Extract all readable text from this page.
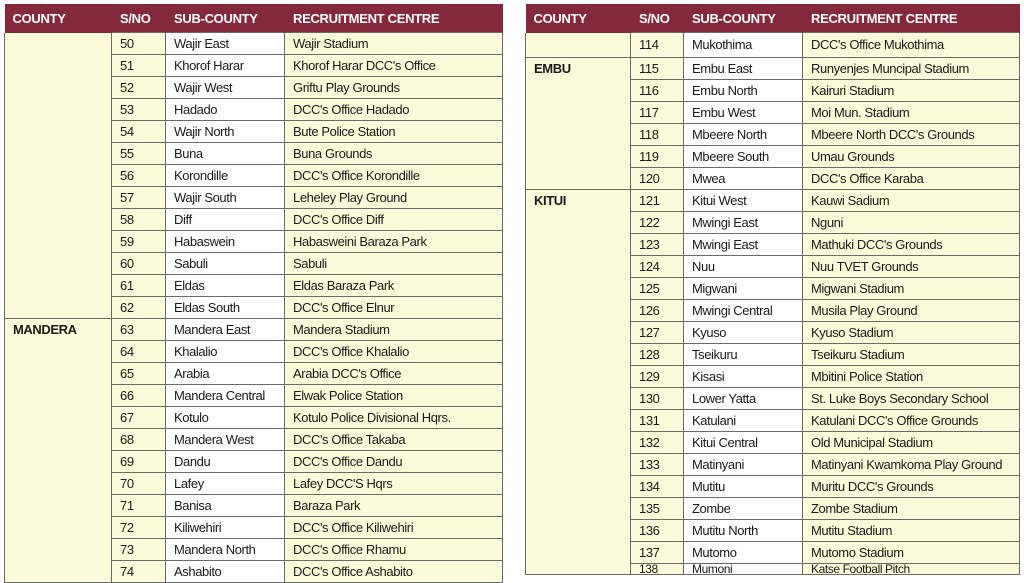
COUNTY	S/NO	SUB-COUNTY	RECRUITMENT CENTRE
	50	Wajir East	Wajir Stadium
	51	Khorof Harar	Khorof Harar DCC's Office
	52	Wajir West	Griftu Play Grounds
	53	Hadado	DCC's Office Hadado
	54	Wajir North	Bute Police Station
	55	Buna	Buna Grounds
	56	Korondille	DCC's Office Korondille
	57	Wajir South	Leheley Play Ground
	58	Diff	DCC's Office Diff
	59	Habaswein	Habasweini Baraza Park
	60	Sabuli	Sabuli
	61	Eldas	Eldas Baraza Park
	62	Eldas South	DCC's Office Elnur
MANDERA	63	Mandera East	Mandera Stadium
	64	Khalalio	DCC's Office Khalalio
	65	Arabia	Arabia DCC's Office
	66	Mandera Central	Elwak Police Station
	67	Kotulo	Kotulo Police Divisional Hqrs.
	68	Mandera West	DCC's Office Takaba
	69	Dandu	DCC's Office Dandu
	70	Lafey	Lafey DCC'S Hqrs
	71	Banisa	Baraza Park
	72	Kiliwehiri	DCC's Office Kiliwehiri
	73	Mandera North	DCC's Office Rhamu
	74	Ashabito	DCC's Office Ashabito
COUNTY	S/NO	SUB-COUNTY	RECRUITMENT CENTRE
	114	Mukothima	DCC's Office Mukothima
EMBU	115	Embu East	Runyenjes Muncipal Stadium
	116	Embu North	Kairuri Stadium
	117	Embu West	Moi Mun. Stadium
	118	Mbeere North	Mbeere North DCC's Grounds
	119	Mbeere South	Umau Grounds
	120	Mwea	DCC's Office Karaba
KITUI	121	Kitui West	Kauwi Sadium
	122	Mwingi East	Nguni
	123	Mwingi East	Mathuki DCC's Grounds
	124	Nuu	Nuu TVET Grounds
	125	Migwani	Migwani Stadium
	126	Mwingi Central	Musila Play Ground
	127	Kyuso	Kyuso Stadium
	128	Tseikuru	Tseikuru Stadium
	129	Kisasi	Mbitini Police Station
	130	Lower Yatta	St. Luke Boys Secondary School
	131	Katulani	Katulani DCC's Office Grounds
	132	Kitui Central	Old Municipal Stadium
	133	Matinyani	Matinyani Kwamkoma Play Ground
	134	Mutitu	Muritu DCC's Grounds
	135	Zombe	Zombe Stadium
	136	Mutitu North	Mutitu Stadium
	137	Mutomo	Mutomo Stadium
	138	Mumoni	Katse Football Pitch
